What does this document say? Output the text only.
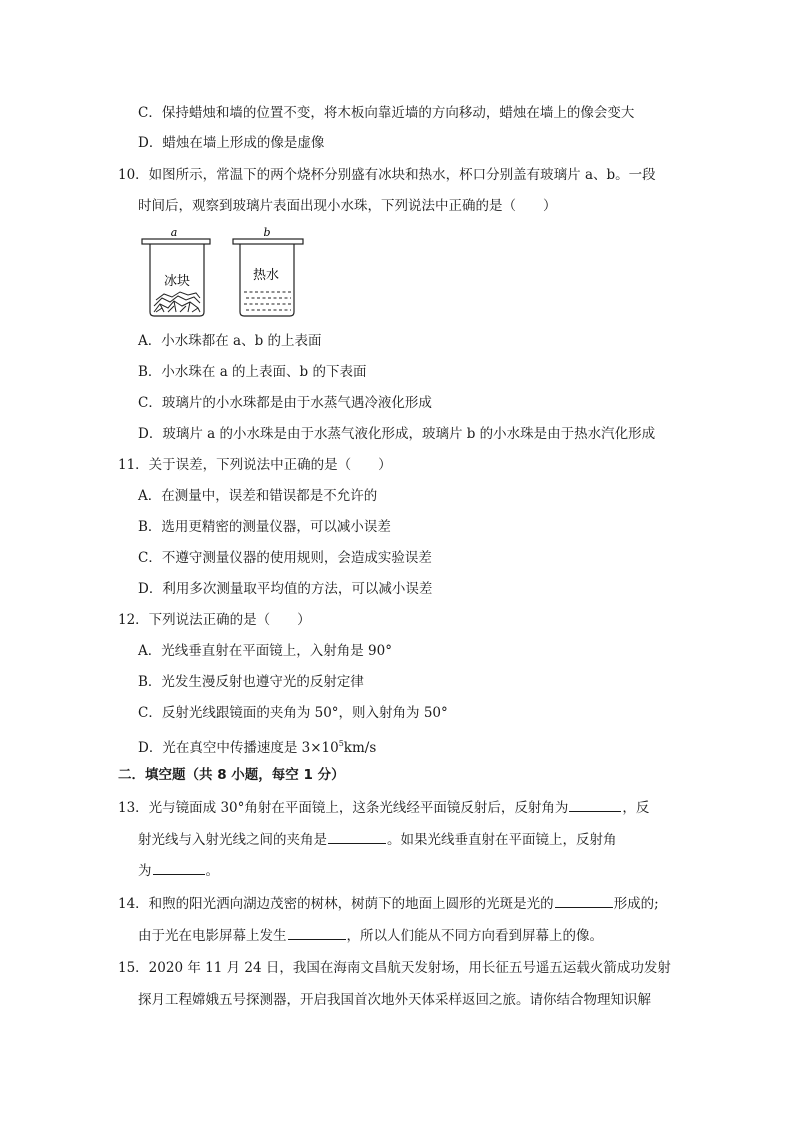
C．保持蜡烛和墙的位置不变，将木板向靠近墙的方向移动，蜡烛在墙上的像会变大
D．蜡烛在墙上形成的像是虚像
10．如图所示，常温下的两个烧杯分别盛有冰块和热水，杯口分别盖有玻璃片 a、b。一段
时间后，观察到玻璃片表面出现小水珠，下列说法中正确的是（　　）
a
冰块
b
热水
A．小水珠都在 a、b 的上表面
B．小水珠在 a 的上表面、b 的下表面
C．玻璃片的小水珠都是由于水蒸气遇冷液化形成
D．玻璃片 a 的小水珠是由于水蒸气液化形成，玻璃片 b 的小水珠是由于热水汽化形成
11．关于误差，下列说法中正确的是（　　）
A．在测量中，误差和错误都是不允许的
B．选用更精密的测量仪器，可以减小误差
C．不遵守测量仪器的使用规则，会造成实验误差
D．利用多次测量取平均值的方法，可以减小误差
12．下列说法正确的是（　　）
A．光线垂直射在平面镜上，入射角是 90°
B．光发生漫反射也遵守光的反射定律
C．反射光线跟镜面的夹角为 50°，则入射角为 50°
D．光在真空中传播速度是 $3\times 10^5km/s$
二．填空题（共 8 小题，每空 1 分）
13．光与镜面成 30°角射在平面镜上，这条光线经平面镜反射后，反射角为	，反
射光线与入射光线之间的夹角是	。如果光线垂直射在平面镜上，反射角
为	。
14．和煦的阳光洒向湖边茂密的树林，树荫下的地面上圆形的光斑是光的	形成的;
由于光在电影屏幕上发生	，所以人们能从不同方向看到屏幕上的像。
15．2020 年 11 月 24 日，我国在海南文昌航天发射场，用长征五号遥五运载火箭成功发射
探月工程嫦娥五号探测器，开启我国首次地外天体采样返回之旅。请你结合物理知识解
